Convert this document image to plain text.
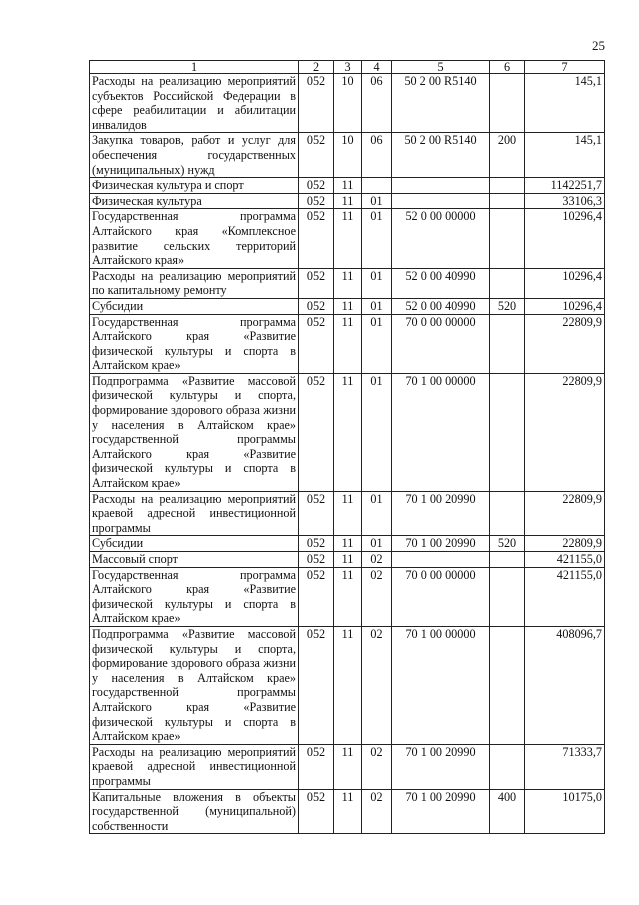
25
1	2	3	4	5	6	7
Расходы на реализацию мероприятий субъектов Российской Федерации в сфере реабилитации и абилитации инвалидов	052	10	06	50 2 00 R5140		145,1
Закупка товаров, работ и услуг для обеспечения государственных (муниципальных) нужд	052	10	06	50 2 00 R5140	200	145,1
Физическая культура и спорт	052	11				1142251,7
Физическая культура	052	11	01			33106,3
Государственная программа Алтайского края «Комплексное развитие сельских территорий Алтайского края»	052	11	01	52 0 00 00000		10296,4
Расходы на реализацию мероприятий по капитальному ремонту	052	11	01	52 0 00 40990		10296,4
Субсидии	052	11	01	52 0 00 40990	520	10296,4
Государственная программа Алтайского края «Развитие физической культуры и спорта в Алтайском крае»	052	11	01	70 0 00 00000		22809,9
Подпрограмма «Развитие массовой физической культуры и спорта, формирование здорового образа жизни у населения в Алтайском крае» государственной программы Алтайского края «Развитие физической культуры и спорта в Алтайском крае»	052	11	01	70 1 00 00000		22809,9
Расходы на реализацию мероприятий краевой адресной инвестиционной программы	052	11	01	70 1 00 20990		22809,9
Субсидии	052	11	01	70 1 00 20990	520	22809,9
Массовый спорт	052	11	02			421155,0
Государственная программа Алтайского края «Развитие физической культуры и спорта в Алтайском крае»	052	11	02	70 0 00 00000		421155,0
Подпрограмма «Развитие массовой физической культуры и спорта, формирование здорового образа жизни у населения в Алтайском крае» государственной программы Алтайского края «Развитие физической культуры и спорта в Алтайском крае»	052	11	02	70 1 00 00000		408096,7
Расходы на реализацию мероприятий краевой адресной инвестиционной программы	052	11	02	70 1 00 20990		71333,7
Капитальные вложения в объекты государственной (муниципальной) собственности	052	11	02	70 1 00 20990	400	10175,0
